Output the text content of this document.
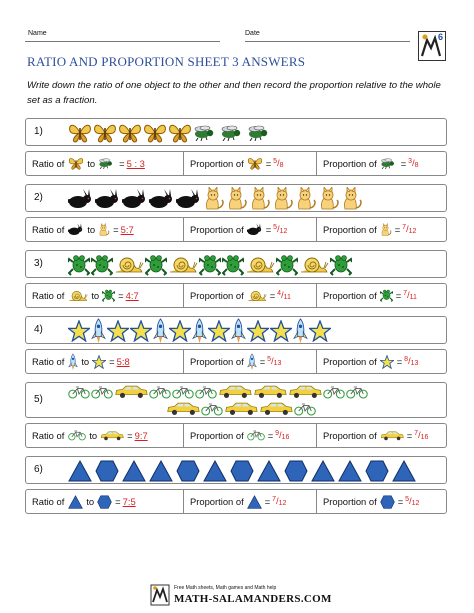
Name	Date	6
RATIO AND PROPORTION SHEET 3 ANSWERS
Write down the ratio of one object to the other and then record the proportion relative to the whole set as a fraction.
1)
Ratio of to	= 5 : 3	Proportion of = $^5/_8$	Proportion of	= $^3/_8$
2)
Ratio of to = 5:7	Proportion of = $^5/_{12}$	Proportion of = $^7/_{12}$
3)
Ratio of	to = 4:7	Proportion of	= $^4/_{11}$	Proportion of = $^7/_{11}$
4)
Ratio of to = 5:8	Proportion of = $^5/_{13}$	Proportion of = $^8/_{13}$
5)
Ratio of	to	= 9:7	Proportion of	= $^9/_{16}$	Proportion of	= $^7/_{16}$
6)
Ratio of to = 7:5	Proportion of = $^7/_{12}$	Proportion of = $^5/_{12}$
Free Math sheets, Math games and Math help
MATH-SALAMANDERS.COM
